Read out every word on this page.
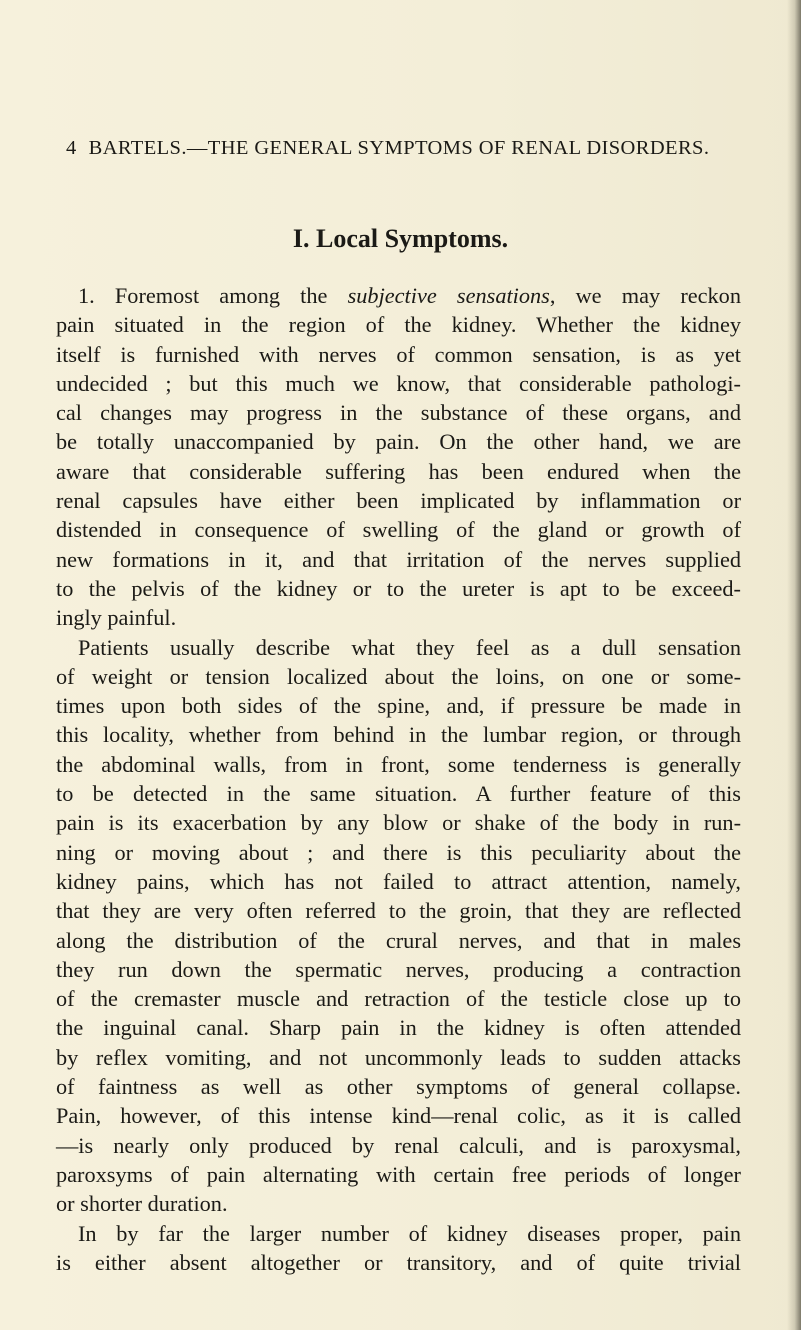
4 BARTELS.—THE GENERAL SYMPTOMS OF RENAL DISORDERS.
I. Local Symptoms.
1. Foremost among the subjective sensations, we may reckon
pain situated in the region of the kidney. Whether the kidney
itself is furnished with nerves of common sensation, is as yet
undecided ; but this much we know, that considerable pathologi-
cal changes may progress in the substance of these organs, and
be totally unaccompanied by pain. On the other hand, we are
aware that considerable suffering has been endured when the
renal capsules have either been implicated by inflammation or
distended in consequence of swelling of the gland or growth of
new formations in it, and that irritation of the nerves supplied
to the pelvis of the kidney or to the ureter is apt to be exceed-
ingly painful.
Patients usually describe what they feel as a dull sensation
of weight or tension localized about the loins, on one or some-
times upon both sides of the spine, and, if pressure be made in
this locality, whether from behind in the lumbar region, or through
the abdominal walls, from in front, some tenderness is generally
to be detected in the same situation. A further feature of this
pain is its exacerbation by any blow or shake of the body in run-
ning or moving about ; and there is this peculiarity about the
kidney pains, which has not failed to attract attention, namely,
that they are very often referred to the groin, that they are reflected
along the distribution of the crural nerves, and that in males
they run down the spermatic nerves, producing a contraction
of the cremaster muscle and retraction of the testicle close up to
the inguinal canal. Sharp pain in the kidney is often attended
by reflex vomiting, and not uncommonly leads to sudden attacks
of faintness as well as other symptoms of general collapse.
Pain, however, of this intense kind—renal colic, as it is called
—is nearly only produced by renal calculi, and is paroxysmal,
paroxsyms of pain alternating with certain free periods of longer
or shorter duration.
In by far the larger number of kidney diseases proper, pain
is either absent altogether or transitory, and of quite trivial
